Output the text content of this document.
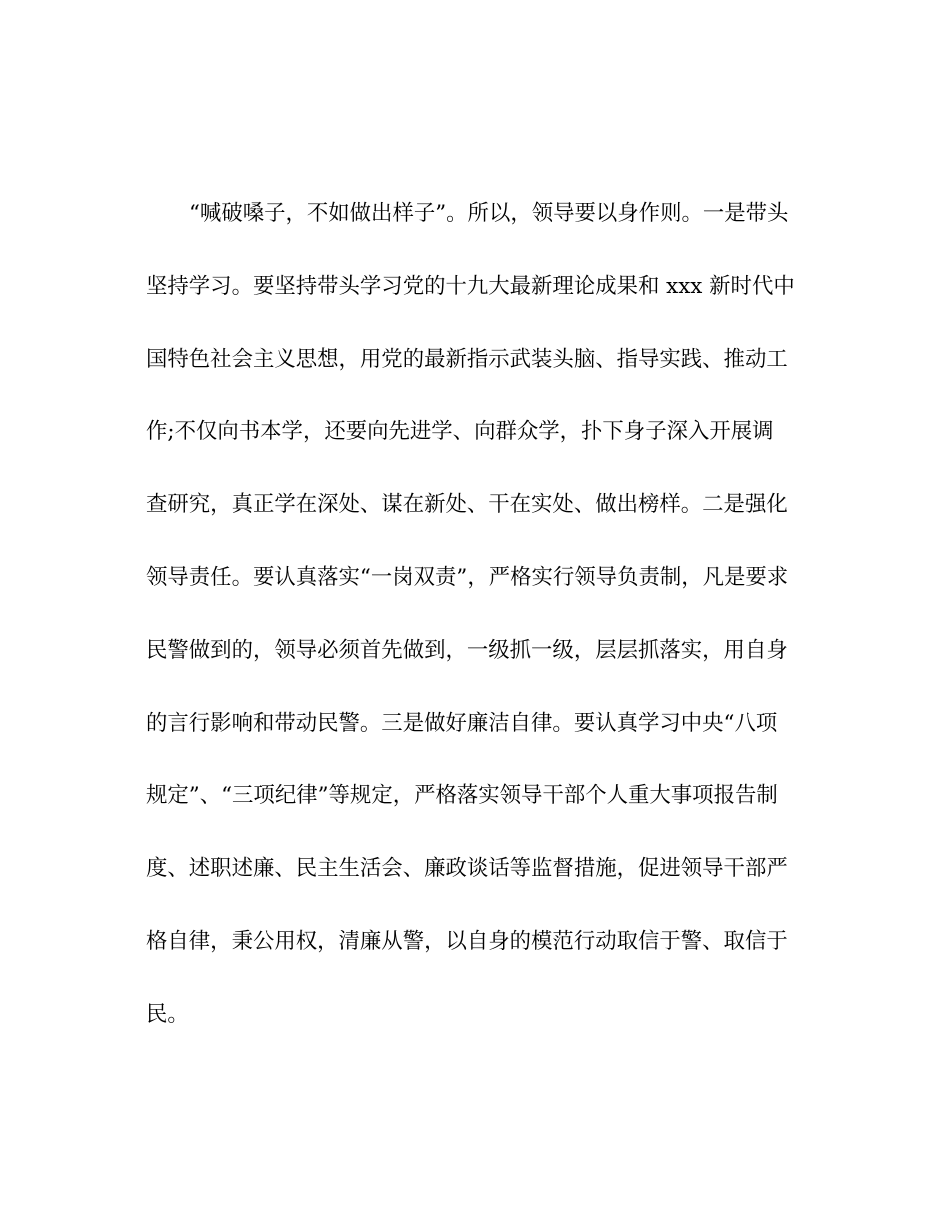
“喊破嗓子，不如做出样子”。所以，领导要以身作则。一是带头
坚持学习。要坚持带头学习党的十九大最新理论成果和 xxx 新时代中
国特色社会主义思想，用党的最新指示武装头脑、指导实践、推动工
作;不仅向书本学，还要向先进学、向群众学，扑下身子深入开展调
查研究，真正学在深处、谋在新处、干在实处、做出榜样。二是强化
领导责任。要认真落实“一岗双责”，严格实行领导负责制，凡是要求
民警做到的，领导必须首先做到，一级抓一级，层层抓落实，用自身
的言行影响和带动民警。三是做好廉洁自律。要认真学习中央“八项
规定”、“三项纪律”等规定，严格落实领导干部个人重大事项报告制
度、述职述廉、民主生活会、廉政谈话等监督措施，促进领导干部严
格自律，秉公用权，清廉从警，以自身的模范行动取信于警、取信于
民。
